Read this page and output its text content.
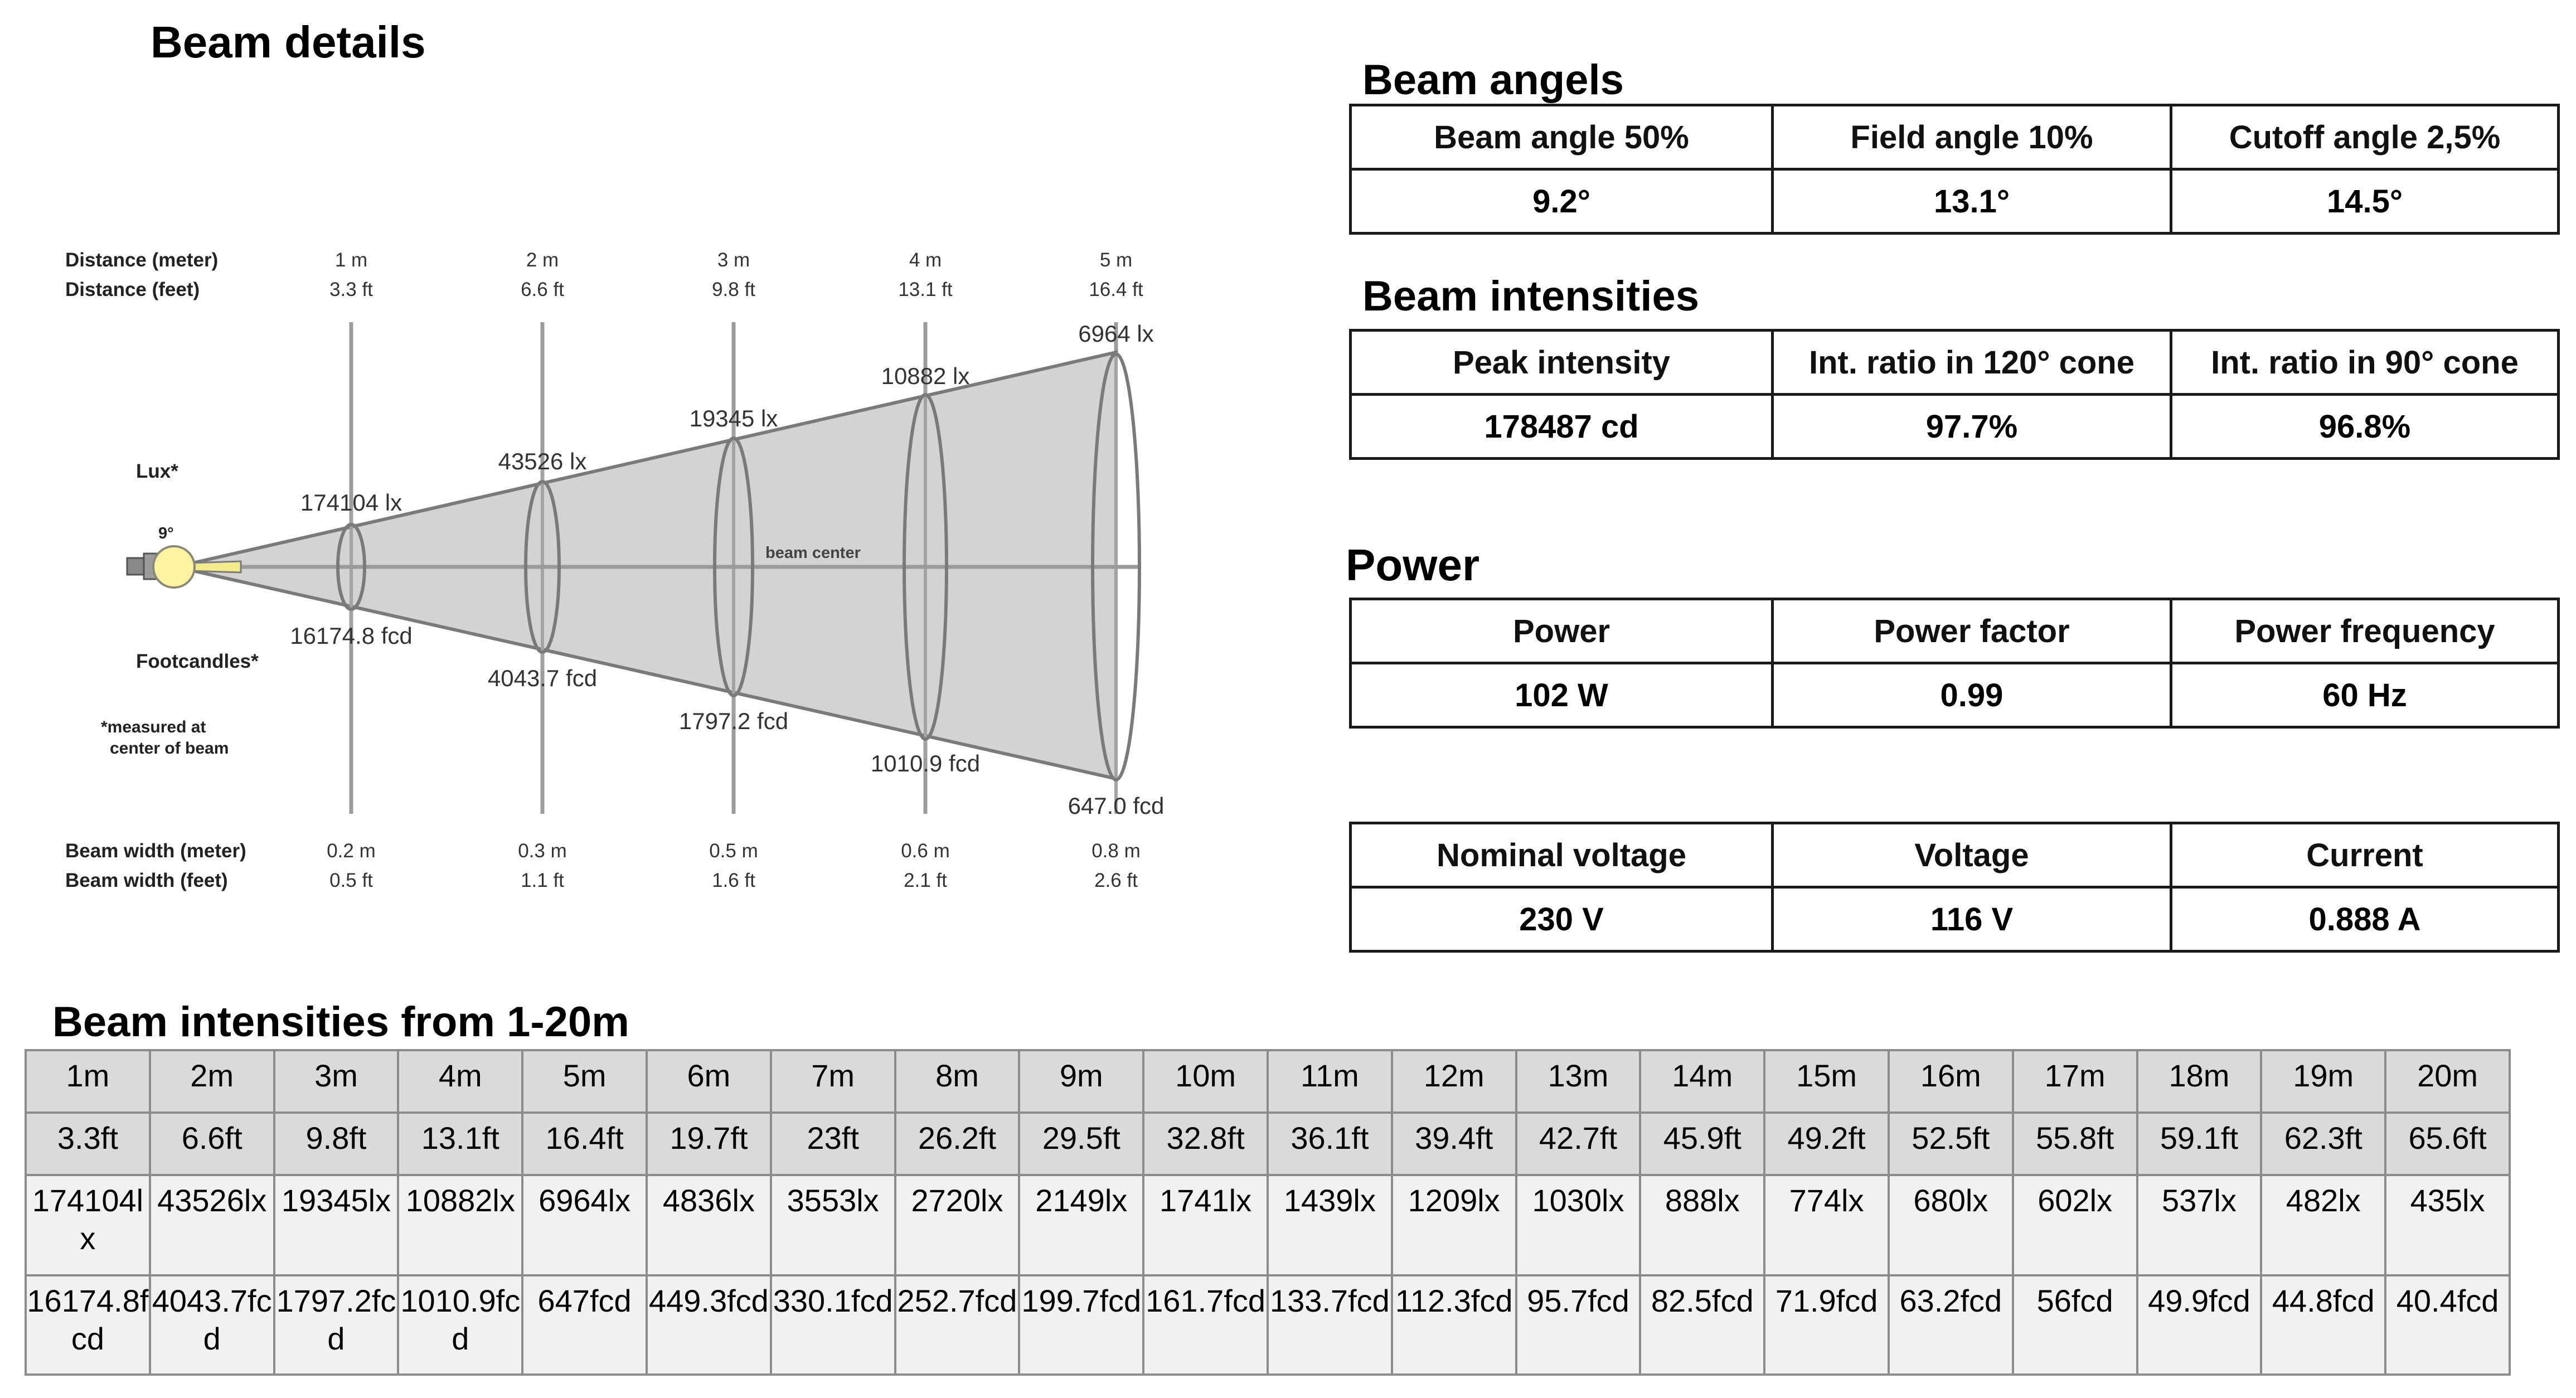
Beam details
Distance (meter)
Distance (feet)
Lux*
9°
Footcandles*
*measured at
center of beam
Beam width (meter)
Beam width (feet)
beam center
1 m
3.3 ft
2 m
6.6 ft
3 m
9.8 ft
4 m
13.1 ft
5 m
16.4 ft
0.2 m
0.5 ft
0.3 m
1.1 ft
0.5 m
1.6 ft
0.6 m
2.1 ft
0.8 m
2.6 ft
174104 lx
16174.8 fcd
43526 lx
4043.7 fcd
19345 lx
1797.2 fcd
10882 lx
1010.9 fcd
6964 lx
647.0 fcd
Beam angels
Beam angle 50%	Field angle 10%	Cutoff angle 2,5%
9.2°	13.1°	14.5°
Beam intensities
Peak intensity	Int. ratio in 120° cone	Int. ratio in 90° cone
178487 cd	97.7%	96.8%
Power
Power	Power factor	Power frequency
102 W	0.99	60 Hz
Nominal voltage	Voltage	Current
230 V	116 V	0.888 A
Beam intensities from 1-20m
1m	2m	3m	4m	5m	6m	7m	8m	9m	10m	11m	12m	13m	14m	15m	16m	17m	18m	19m	20m
3.3ft	6.6ft	9.8ft	13.1ft	16.4ft	19.7ft	23ft	26.2ft	29.5ft	32.8ft	36.1ft	39.4ft	42.7ft	45.9ft	49.2ft	52.5ft	55.8ft	59.1ft	62.3ft	65.6ft
174104lx	43526lx	19345lx	10882lx	6964lx	4836lx	3553lx	2720lx	2149lx	1741lx	1439lx	1209lx	1030lx	888lx	774lx	680lx	602lx	537lx	482lx	435lx
16174.8fcd	4043.7fcd	1797.2fcd	1010.9fcd	647fcd	449.3fcd	330.1fcd	252.7fcd	199.7fcd	161.7fcd	133.7fcd	112.3fcd	95.7fcd	82.5fcd	71.9fcd	63.2fcd	56fcd	49.9fcd	44.8fcd	40.4fcd
